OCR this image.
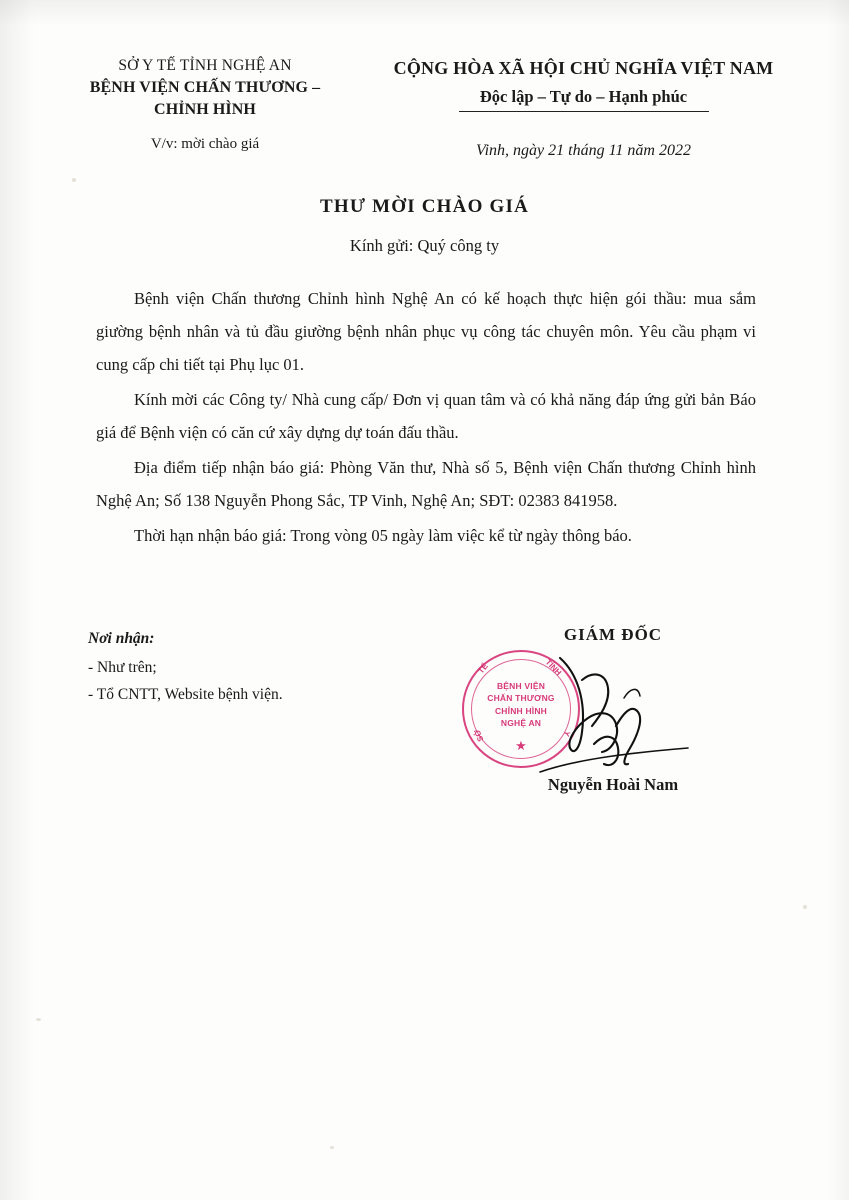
SỞ Y TẾ TỈNH NGHỆ AN
BỆNH VIỆN CHẤN THƯƠNG –
CHỈNH HÌNH
V/v: mời chào giá
CỘNG HÒA XÃ HỘI CHỦ NGHĨA VIỆT NAM
Độc lập – Tự do – Hạnh phúc
Vinh, ngày 21 tháng 11 năm 2022
THƯ MỜI CHÀO GIÁ
Kính gửi: Quý công ty

Bệnh viện Chấn thương Chỉnh hình Nghệ An có kế hoạch thực hiện gói thầu: mua sắm giường bệnh nhân và tủ đầu giường bệnh nhân phục vụ công tác chuyên môn. Yêu cầu phạm vi cung cấp chi tiết tại Phụ lục 01.

Kính mời các Công ty/ Nhà cung cấp/ Đơn vị quan tâm và có khả năng đáp ứng gửi bản Báo giá để Bệnh viện có căn cứ xây dựng dự toán đấu thầu.

Địa điểm tiếp nhận báo giá: Phòng Văn thư, Nhà số 5, Bệnh viện Chấn thương Chỉnh hình Nghệ An; Số 138 Nguyễn Phong Sắc, TP Vinh, Nghệ An; SĐT: 02383 841958.

Thời hạn nhận báo giá: Trong vòng 05 ngày làm việc kể từ ngày thông báo.

Nơi nhận:
- Như trên;
- Tổ CNTT, Website bệnh viện.
GIÁM ĐỐC
Nguyễn Hoài Nam
TẾ	TỈNH
SỞ	Y
BỆNH VIỆN
CHẤN THƯƠNG
CHỈNH HÌNH
NGHỆ AN
★
